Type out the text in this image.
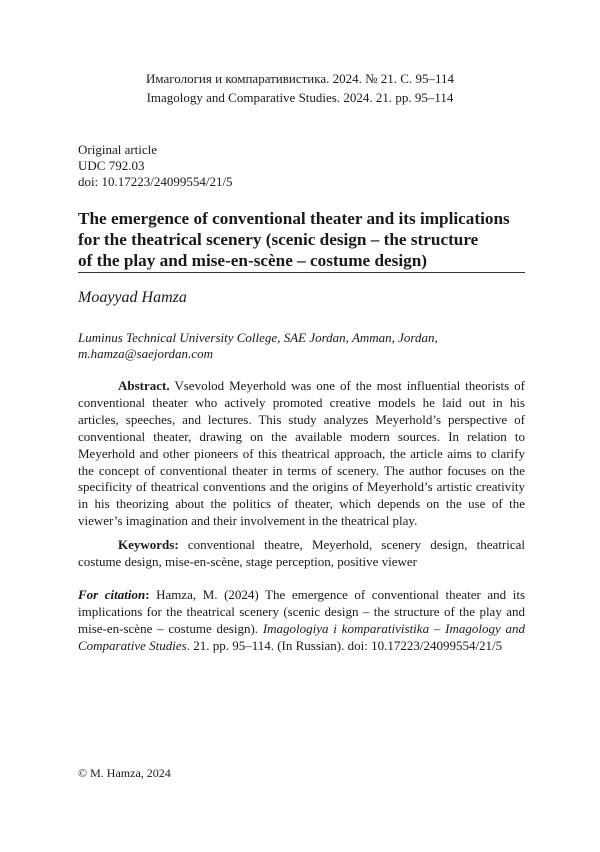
Имагология и компаративистика. 2024. № 21. С. 95–114
Imagology and Comparative Studies. 2024. 21. pp. 95–114
Original article
UDC 792.03
doi: 10.17223/24099554/21/5
The emergence of conventional theater and its implications
for the theatrical scenery (scenic design – the structure
of the play and mise-en-scène – costume design)
Moayyad Hamza
Luminus Technical University College, SAE Jordan, Amman, Jordan,
m.hamza@saejordan.com

Abstract. Vsevolod Meyerhold was one of the most influential theorists of conventional theater who actively promoted creative models he laid out in his articles, speeches, and lectures. This study analyzes Meyerhold’s perspective of conventional theater, drawing on the available modern sources. In relation to Meyerhold and other pioneers of this theatrical approach, the article aims to clarify the concept of conventional theater in terms of scenery. The author focuses on the specificity of theatrical conventions and the origins of Meyerhold’s artistic creativity in his theorizing about the politics of theater, which depends on the use of the viewer’s imagination and their involvement in the theatrical play.

Keywords: conventional theatre, Meyerhold, scenery design, theatrical costume design, mise-en-scène, stage perception, positive viewer

For citation: Hamza, M. (2024) The emergence of conventional theater and its implications for the theatrical scenery (scenic design – the structure of the play and mise-en-scène – costume design). Imagologiya i komparativistika – Imagology and Comparative Studies. 21. pp. 95–114. (In Russian). doi: 10.17223/24099554/21/5

© M. Hamza, 2024
